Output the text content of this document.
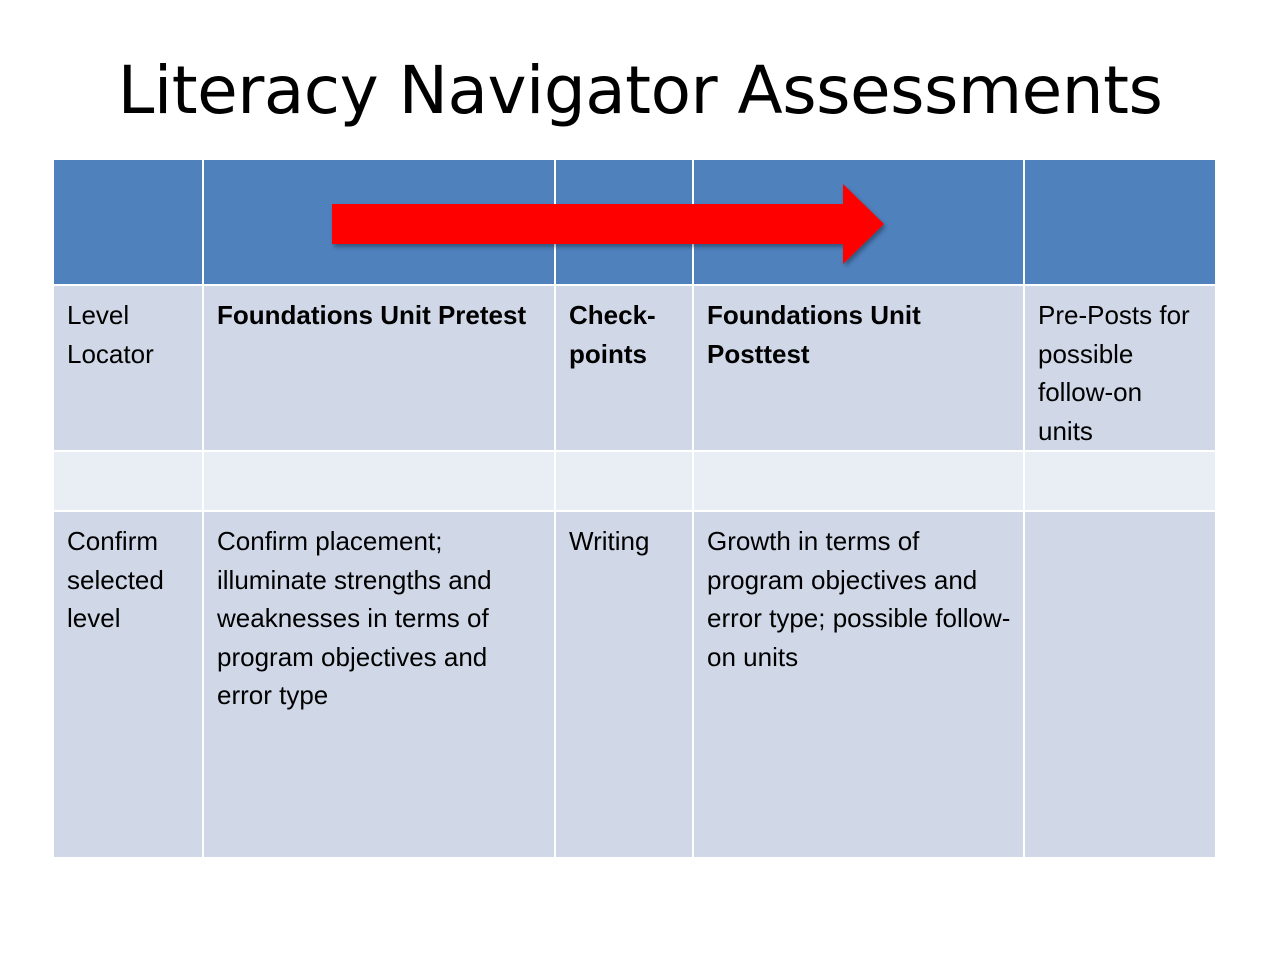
Literacy Navigator Assessments
Level Locator
Foundations Unit Pretest	Check-points
Foundations Unit Posttest
Pre-Posts for possible follow-on units
Confirm selected level
Confirm placement; illuminate strengths and weaknesses in terms of program objectives and error type
Writing	Growth in terms of program objectives and error type; possible follow-on units
